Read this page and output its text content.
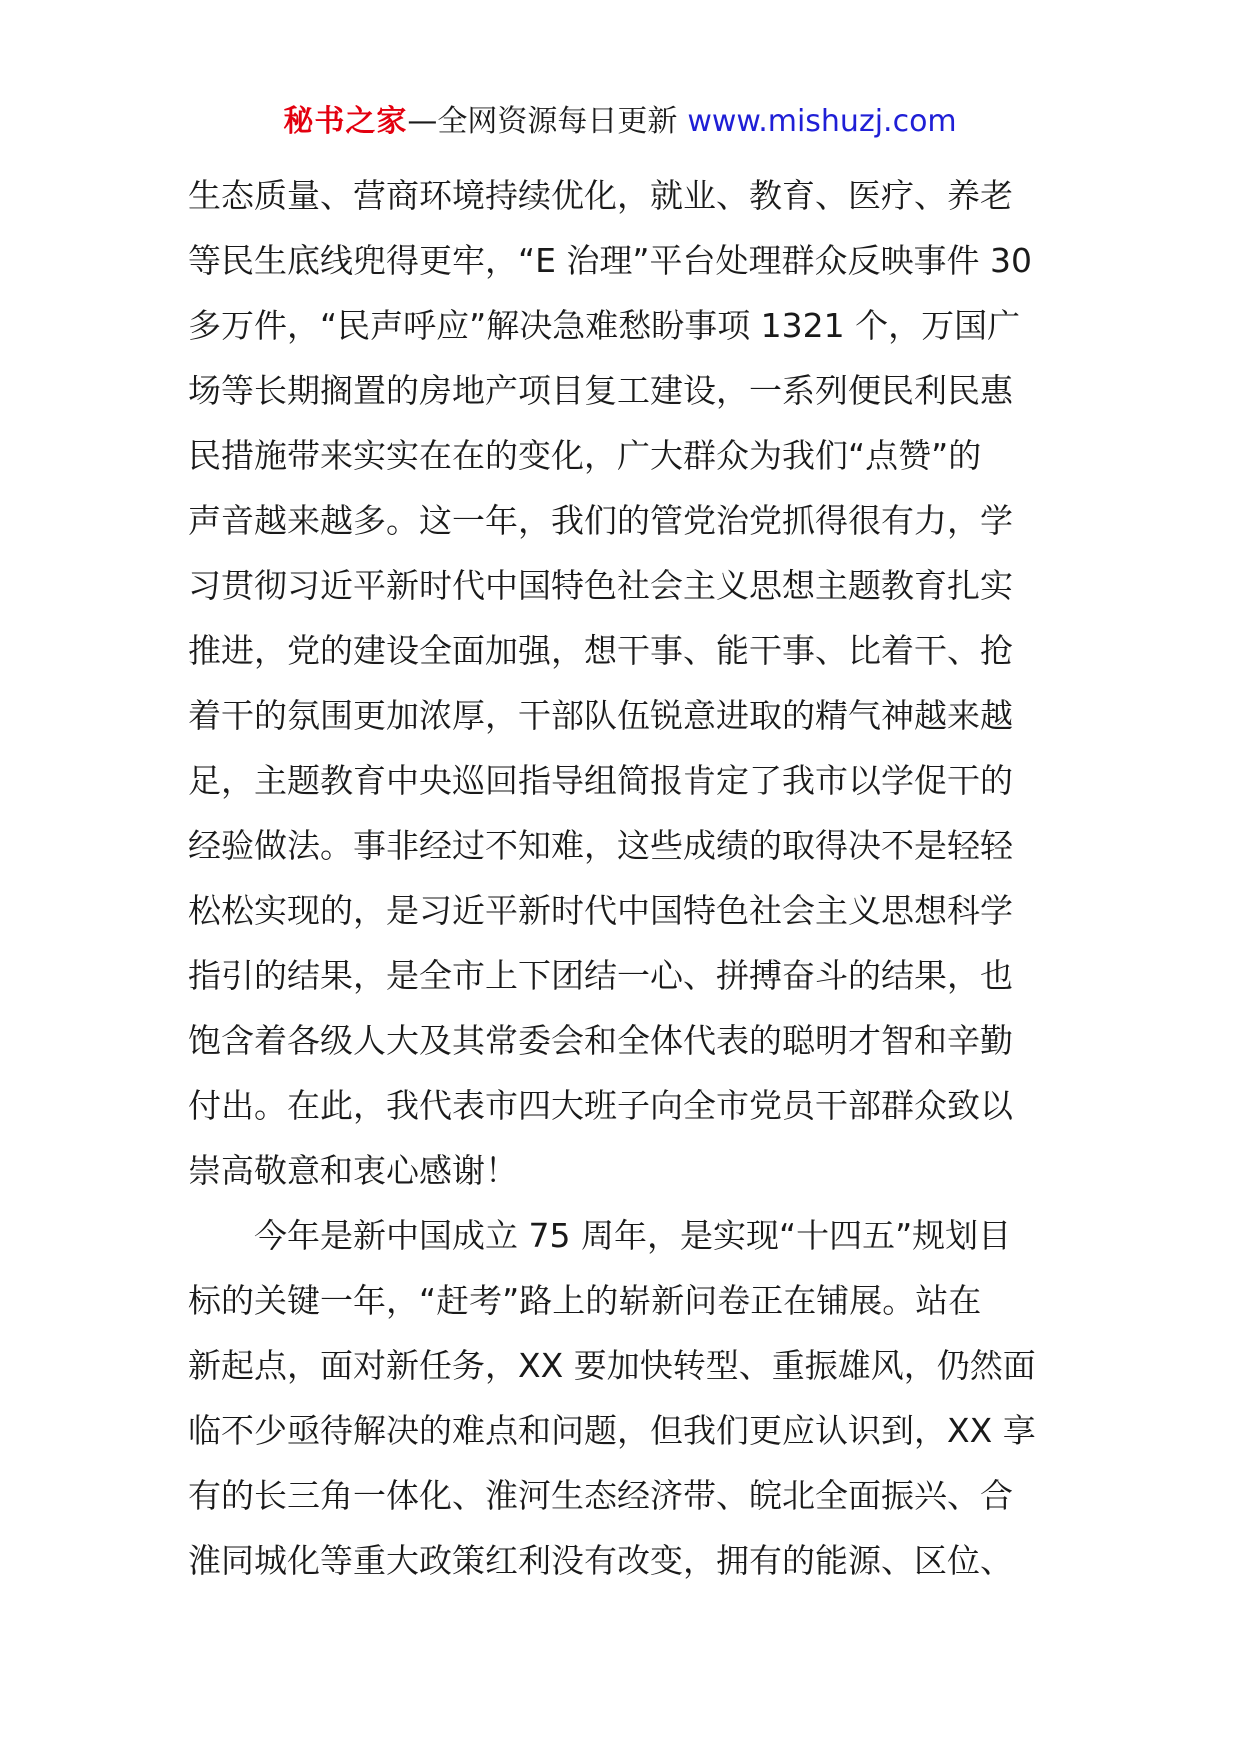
秘书之家—全网资源每日更新 www.mishuzj.com
生态质量、营商环境持续优化，就业、教育、医疗、养老
等民生底线兜得更牢，“E 治理”平台处理群众反映事件 30
多万件，“民声呼应”解决急难愁盼事项 1321 个，万国广
场等长期搁置的房地产项目复工建设，一系列便民利民惠
民措施带来实实在在的变化，广大群众为我们“点赞”的
声音越来越多。这一年，我们的管党治党抓得很有力，学
习贯彻习近平新时代中国特色社会主义思想主题教育扎实
推进，党的建设全面加强，想干事、能干事、比着干、抢
着干的氛围更加浓厚，干部队伍锐意进取的精气神越来越
足，主题教育中央巡回指导组简报肯定了我市以学促干的
经验做法。事非经过不知难，这些成绩的取得决不是轻轻
松松实现的，是习近平新时代中国特色社会主义思想科学
指引的结果，是全市上下团结一心、拼搏奋斗的结果，也
饱含着各级人大及其常委会和全体代表的聪明才智和辛勤
付出。在此，我代表市四大班子向全市党员干部群众致以
崇高敬意和衷心感谢！
今年是新中国成立 75 周年，是实现“十四五”规划目
标的关键一年，“赶考”路上的崭新问卷正在铺展。站在
新起点，面对新任务，XX 要加快转型、重振雄风，仍然面
临不少亟待解决的难点和问题，但我们更应认识到，XX 享
有的长三角一体化、淮河生态经济带、皖北全面振兴、合
淮同城化等重大政策红利没有改变，拥有的能源、区位、
